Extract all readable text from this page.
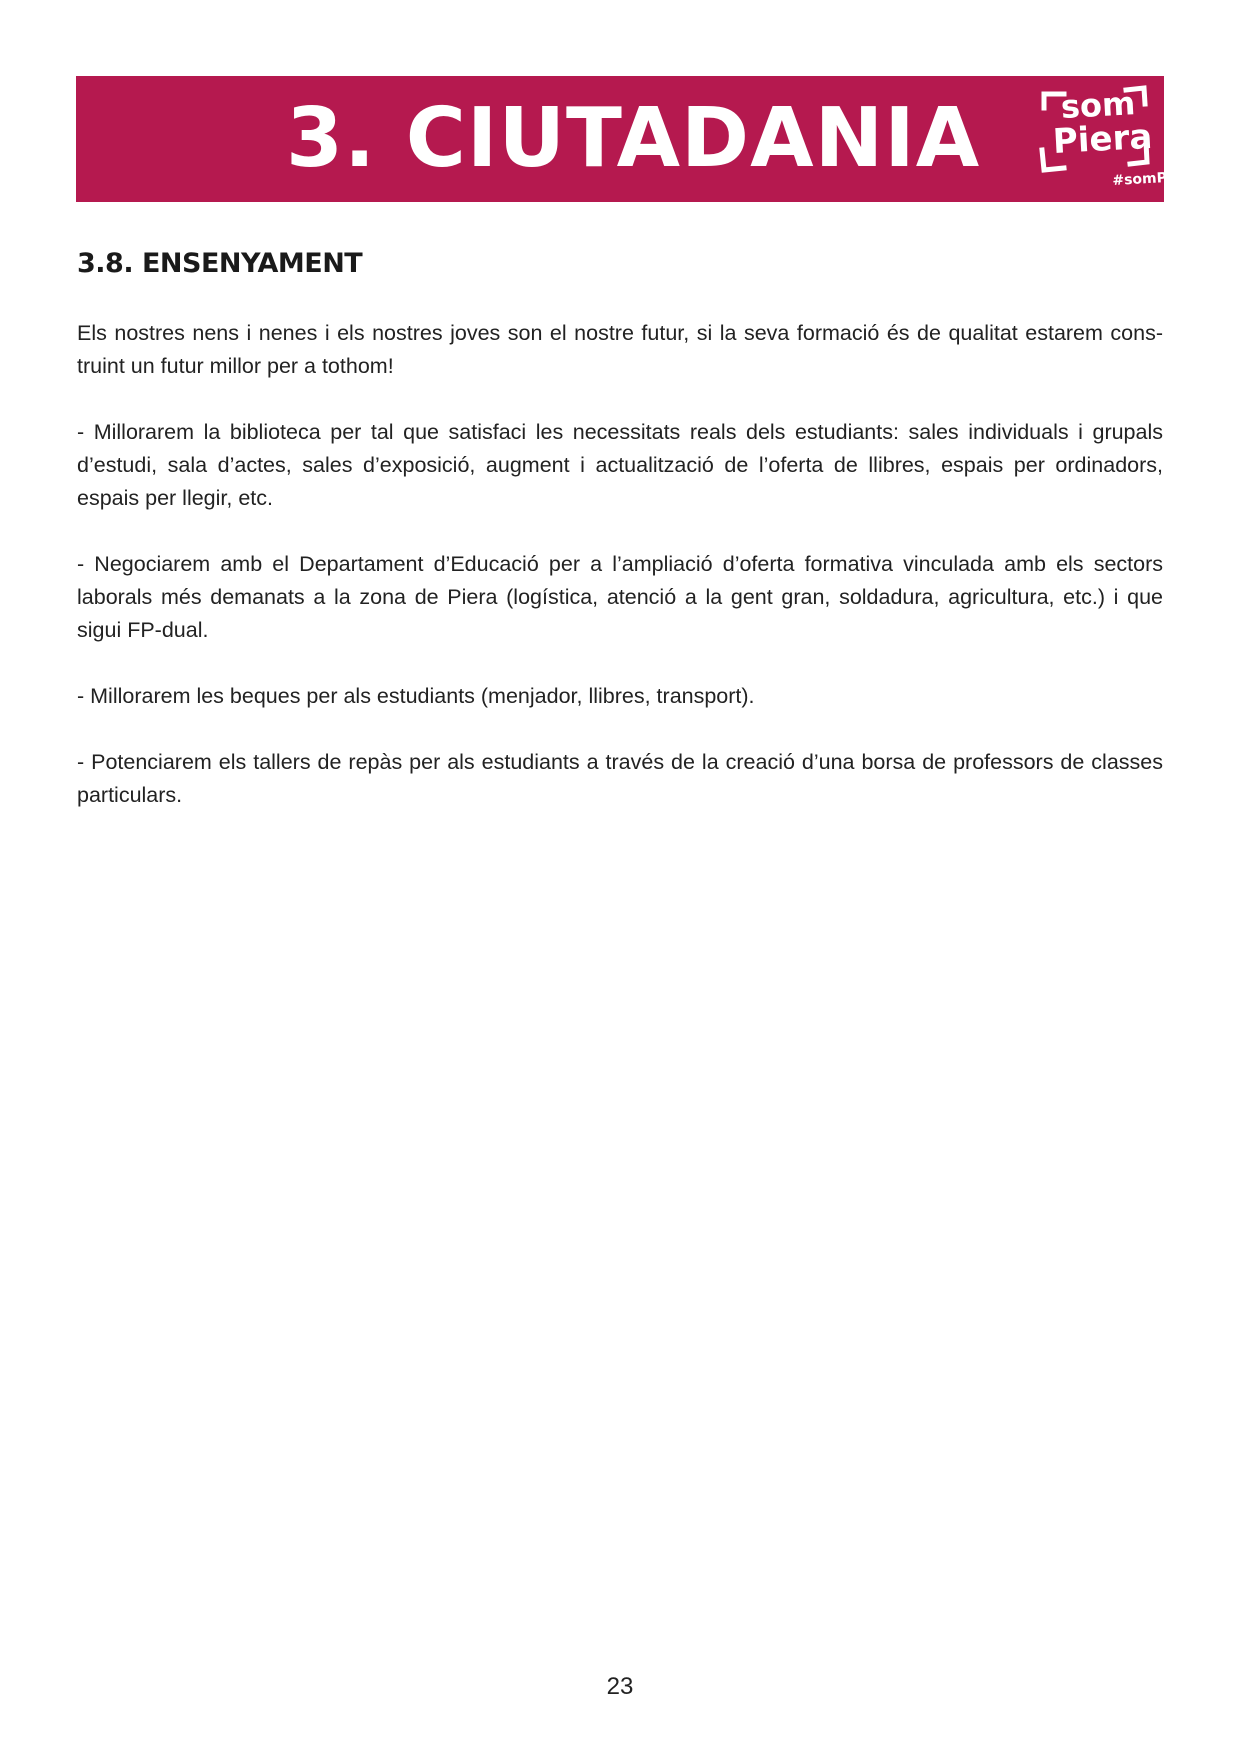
3. CIUTADANIA som
Piera
#somPiera
3.8. ENSENYAMENT

Els nostres nens i nenes i els nostres joves son el nostre futur, si la seva formació és de qualitat estarem cons-truint un futur millor per a tothom!

- Millorarem la biblioteca per tal que satisfaci les necessitats reals dels estudiants: sales individuals i grupals d’estudi, sala d’actes, sales d’exposició, augment i actualització de l’oferta de llibres, espais per ordinadors, espais per llegir, etc.

- Negociarem amb el Departament d’Educació per a l’ampliació d’oferta formativa vinculada amb els sectors laborals més demanats a la zona de Piera (logística, atenció a la gent gran, soldadura, agricultura, etc.) i que sigui FP-dual.

- Millorarem les beques per als estudiants (menjador, llibres, transport).

- Potenciarem els tallers de repàs per als estudiants a través de la creació d’una borsa de professors de classes particulars.

23
